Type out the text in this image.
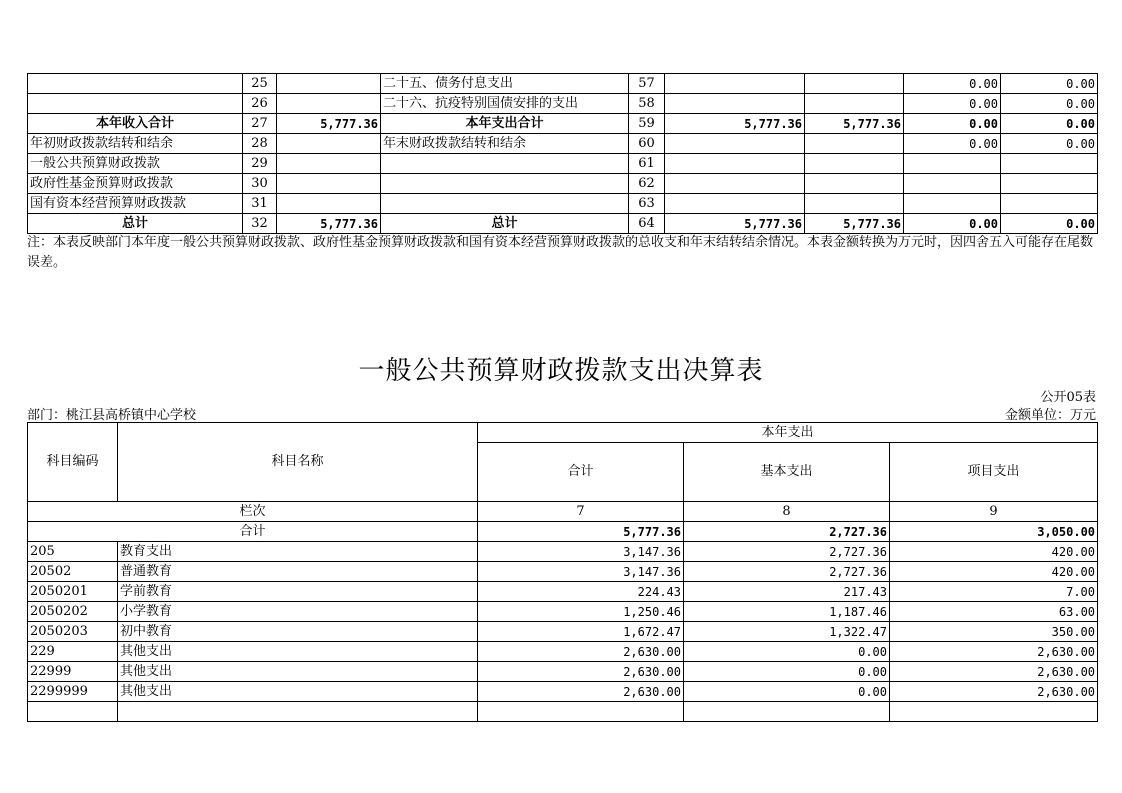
	25		二十五、债务付息支出	57			0.00	0.00
	26		二十六、抗疫特别国债安排的支出	58			0.00	0.00
本年收入合计	27	5,777.36	本年支出合计	59	5,777.36	5,777.36	0.00	0.00
年初财政拨款结转和结余	28		年末财政拨款结转和结余	60			0.00	0.00
一般公共预算财政拨款	29			61				
政府性基金预算财政拨款	30			62				
国有资本经营预算财政拨款	31			63				
总计	32	5,777.36	总计	64	5,777.36	5,777.36	0.00	0.00
注：本表反映部门本年度一般公共预算财政拨款、政府性基金预算财政拨款和国有资本经营预算财政拨款的总收支和年末结转结余情况。本表金额转换为万元时，因四舍五入可能存在尾数误差。
一般公共预算财政拨款支出决算表
公开05表
部门：桃江县高桥镇中心学校	金额单位：万元
科目编码	科目名称	本年支出		
		合计	基本支出	项目支出
栏次		7	8	9
合计		5,777.36	2,727.36	3,050.00
205	教育支出	3,147.36	2,727.36	420.00
20502	普通教育	3,147.36	2,727.36	420.00
2050201	学前教育	224.43	217.43	7.00
2050202	小学教育	1,250.46	1,187.46	63.00
2050203	初中教育	1,672.47	1,322.47	350.00
229	其他支出	2,630.00	0.00	2,630.00
22999	其他支出	2,630.00	0.00	2,630.00
2299999	其他支出	2,630.00	0.00	2,630.00
